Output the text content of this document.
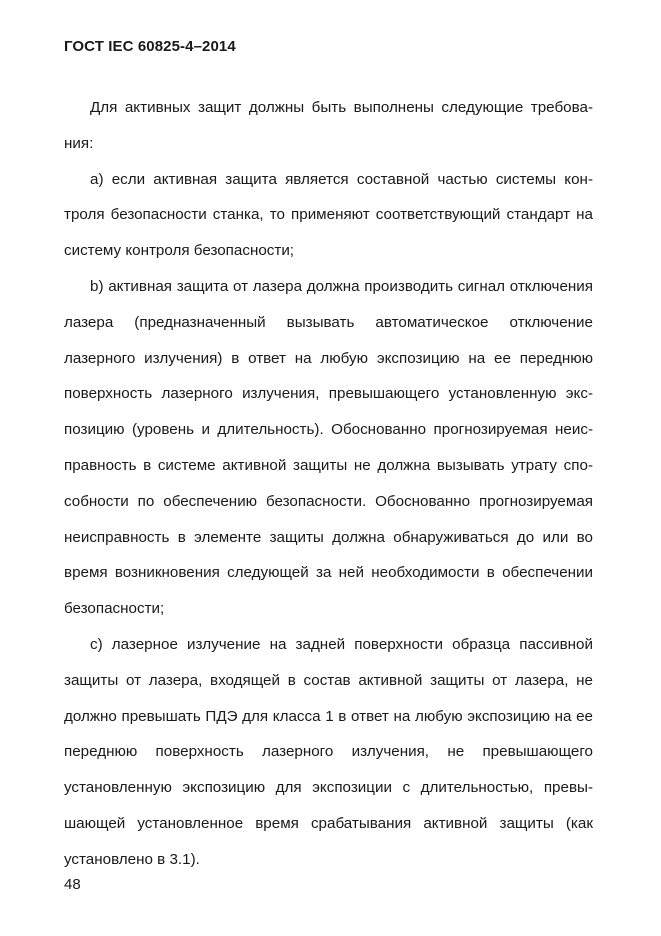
ГОСТ IEC 60825-4–2014

Для активных защит должны быть выполнены следующие требования:

a) если активная защита является составной частью системы контроля безопасности станка, то применяют соответствующий стандарт на систему контроля безопасности;

b) активная защита от лазера должна производить сигнал отключения лазера (предназначенный вызывать автоматическое отключение лазерного излучения) в ответ на любую экспозицию на ее переднюю поверхность лазерного излучения, превышающего установленную экспозицию (уровень и длительность). Обоснованно прогнозируемая неисправность в системе активной защиты не должна вызывать утрату способности по обеспечению безопасности. Обоснованно прогнозируемая неисправность в элементе защиты должна обнаруживаться до или во время возникновения следующей за ней необходимости в обеспечении безопасности;

c) лазерное излучение на задней поверхности образца пассивной защиты от лазера, входящей в состав активной защиты от лазера, не должно превышать ПДЭ для класса 1 в ответ на любую экспозицию на ее переднюю поверхность лазерного излучения, не превышающего установленную экспозицию для экспозиции с длительностью, превышающей установленное время срабатывания активной защиты (как установлено в 3.1).

48
